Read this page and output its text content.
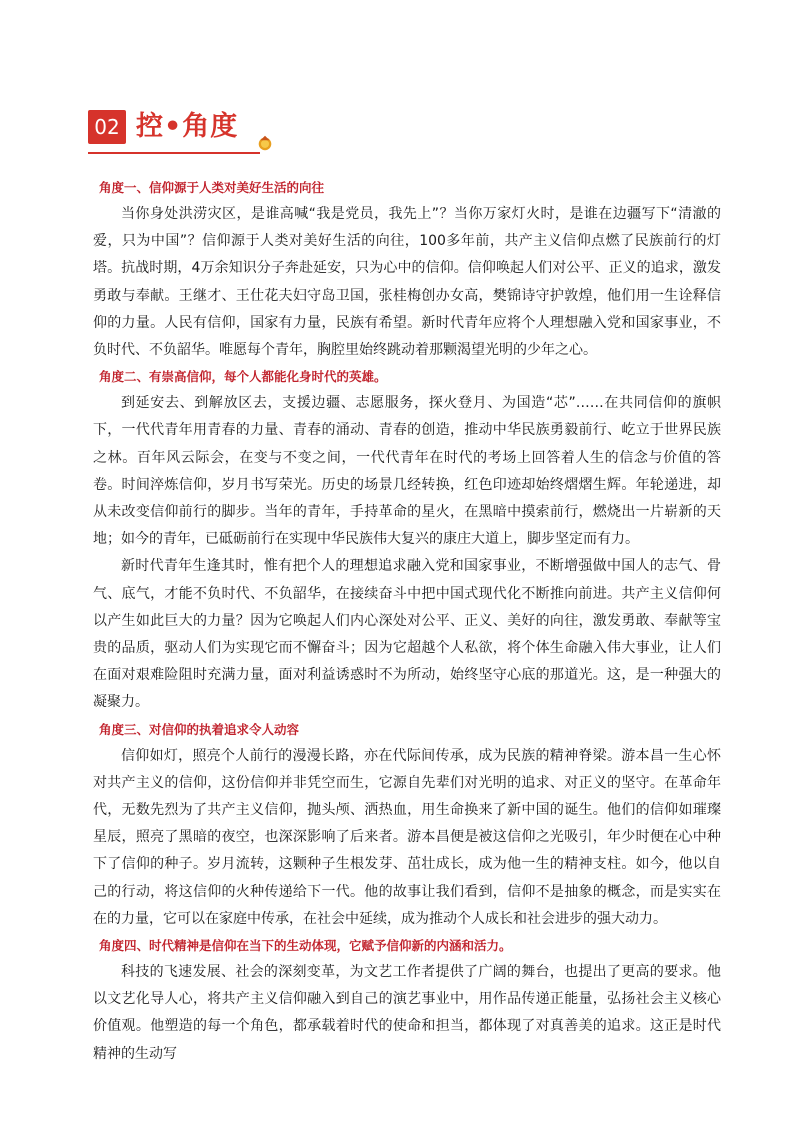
02 控•角度

角度一、信仰源于人类对美好生活的向往

当你身处洪涝灾区，是谁高喊“我是党员，我先上”？当你万家灯火时，是谁在边疆写下“清澈的爱，只为中国”？信仰源于人类对美好生活的向往，100多年前，共产主义信仰点燃了民族前行的灯塔。抗战时期，4万余知识分子奔赴延安，只为心中的信仰。信仰唤起人们对公平、正义的追求，激发勇敢与奉献。王继才、王仕花夫妇守岛卫国，张桂梅创办女高，樊锦诗守护敦煌，他们用一生诠释信仰的力量。人民有信仰，国家有力量，民族有希望。新时代青年应将个人理想融入党和国家事业，不负时代、不负韶华。唯愿每个青年，胸腔里始终跳动着那颗渴望光明的少年之心。

角度二、有崇高信仰，每个人都能化身时代的英雄。

到延安去、到解放区去，支援边疆、志愿服务，探火登月、为国造“芯”……在共同信仰的旗帜下，一代代青年用青春的力量、青春的涌动、青春的创造，推动中华民族勇毅前行、屹立于世界民族之林。百年风云际会，在变与不变之间，一代代青年在时代的考场上回答着人生的信念与价值的答卷。时间淬炼信仰，岁月书写荣光。历史的场景几经转换，红色印迹却始终熠熠生辉。年轮递进，却从未改变信仰前行的脚步。当年的青年，手持革命的星火，在黑暗中摸索前行，燃烧出一片崭新的天地；如今的青年，已砥砺前行在实现中华民族伟大复兴的康庄大道上，脚步坚定而有力。

新时代青年生逢其时，惟有把个人的理想追求融入党和国家事业，不断增强做中国人的志气、骨气、底气，才能不负时代、不负韶华，在接续奋斗中把中国式现代化不断推向前进。共产主义信仰何以产生如此巨大的力量？因为它唤起人们内心深处对公平、正义、美好的向往，激发勇敢、奉献等宝贵的品质，驱动人们为实现它而不懈奋斗；因为它超越个人私欲，将个体生命融入伟大事业，让人们在面对艰难险阻时充满力量，面对利益诱惑时不为所动，始终坚守心底的那道光。这，是一种强大的凝聚力。

角度三、对信仰的执着追求令人动容

信仰如灯，照亮个人前行的漫漫长路，亦在代际间传承，成为民族的精神脊梁。游本昌一生心怀对共产主义的信仰，这份信仰并非凭空而生，它源自先辈们对光明的追求、对正义的坚守。在革命年代，无数先烈为了共产主义信仰，抛头颅、洒热血，用生命换来了新中国的诞生。他们的信仰如璀璨星辰，照亮了黑暗的夜空，也深深影响了后来者。游本昌便是被这信仰之光吸引，年少时便在心中种下了信仰的种子。岁月流转，这颗种子生根发芽、茁壮成长，成为他一生的精神支柱。如今，他以自己的行动，将这信仰的火种传递给下一代。他的故事让我们看到，信仰不是抽象的概念，而是实实在在的力量，它可以在家庭中传承，在社会中延续，成为推动个人成长和社会进步的强大动力。

角度四、时代精神是信仰在当下的生动体现，它赋予信仰新的内涵和活力。

科技的飞速发展、社会的深刻变革，为文艺工作者提供了广阔的舞台，也提出了更高的要求。他以文艺化导人心，将共产主义信仰融入到自己的演艺事业中，用作品传递正能量，弘扬社会主义核心价值观。他塑造的每一个角色，都承载着时代的使命和担当，都体现了对真善美的追求。这正是时代精神的生动写
